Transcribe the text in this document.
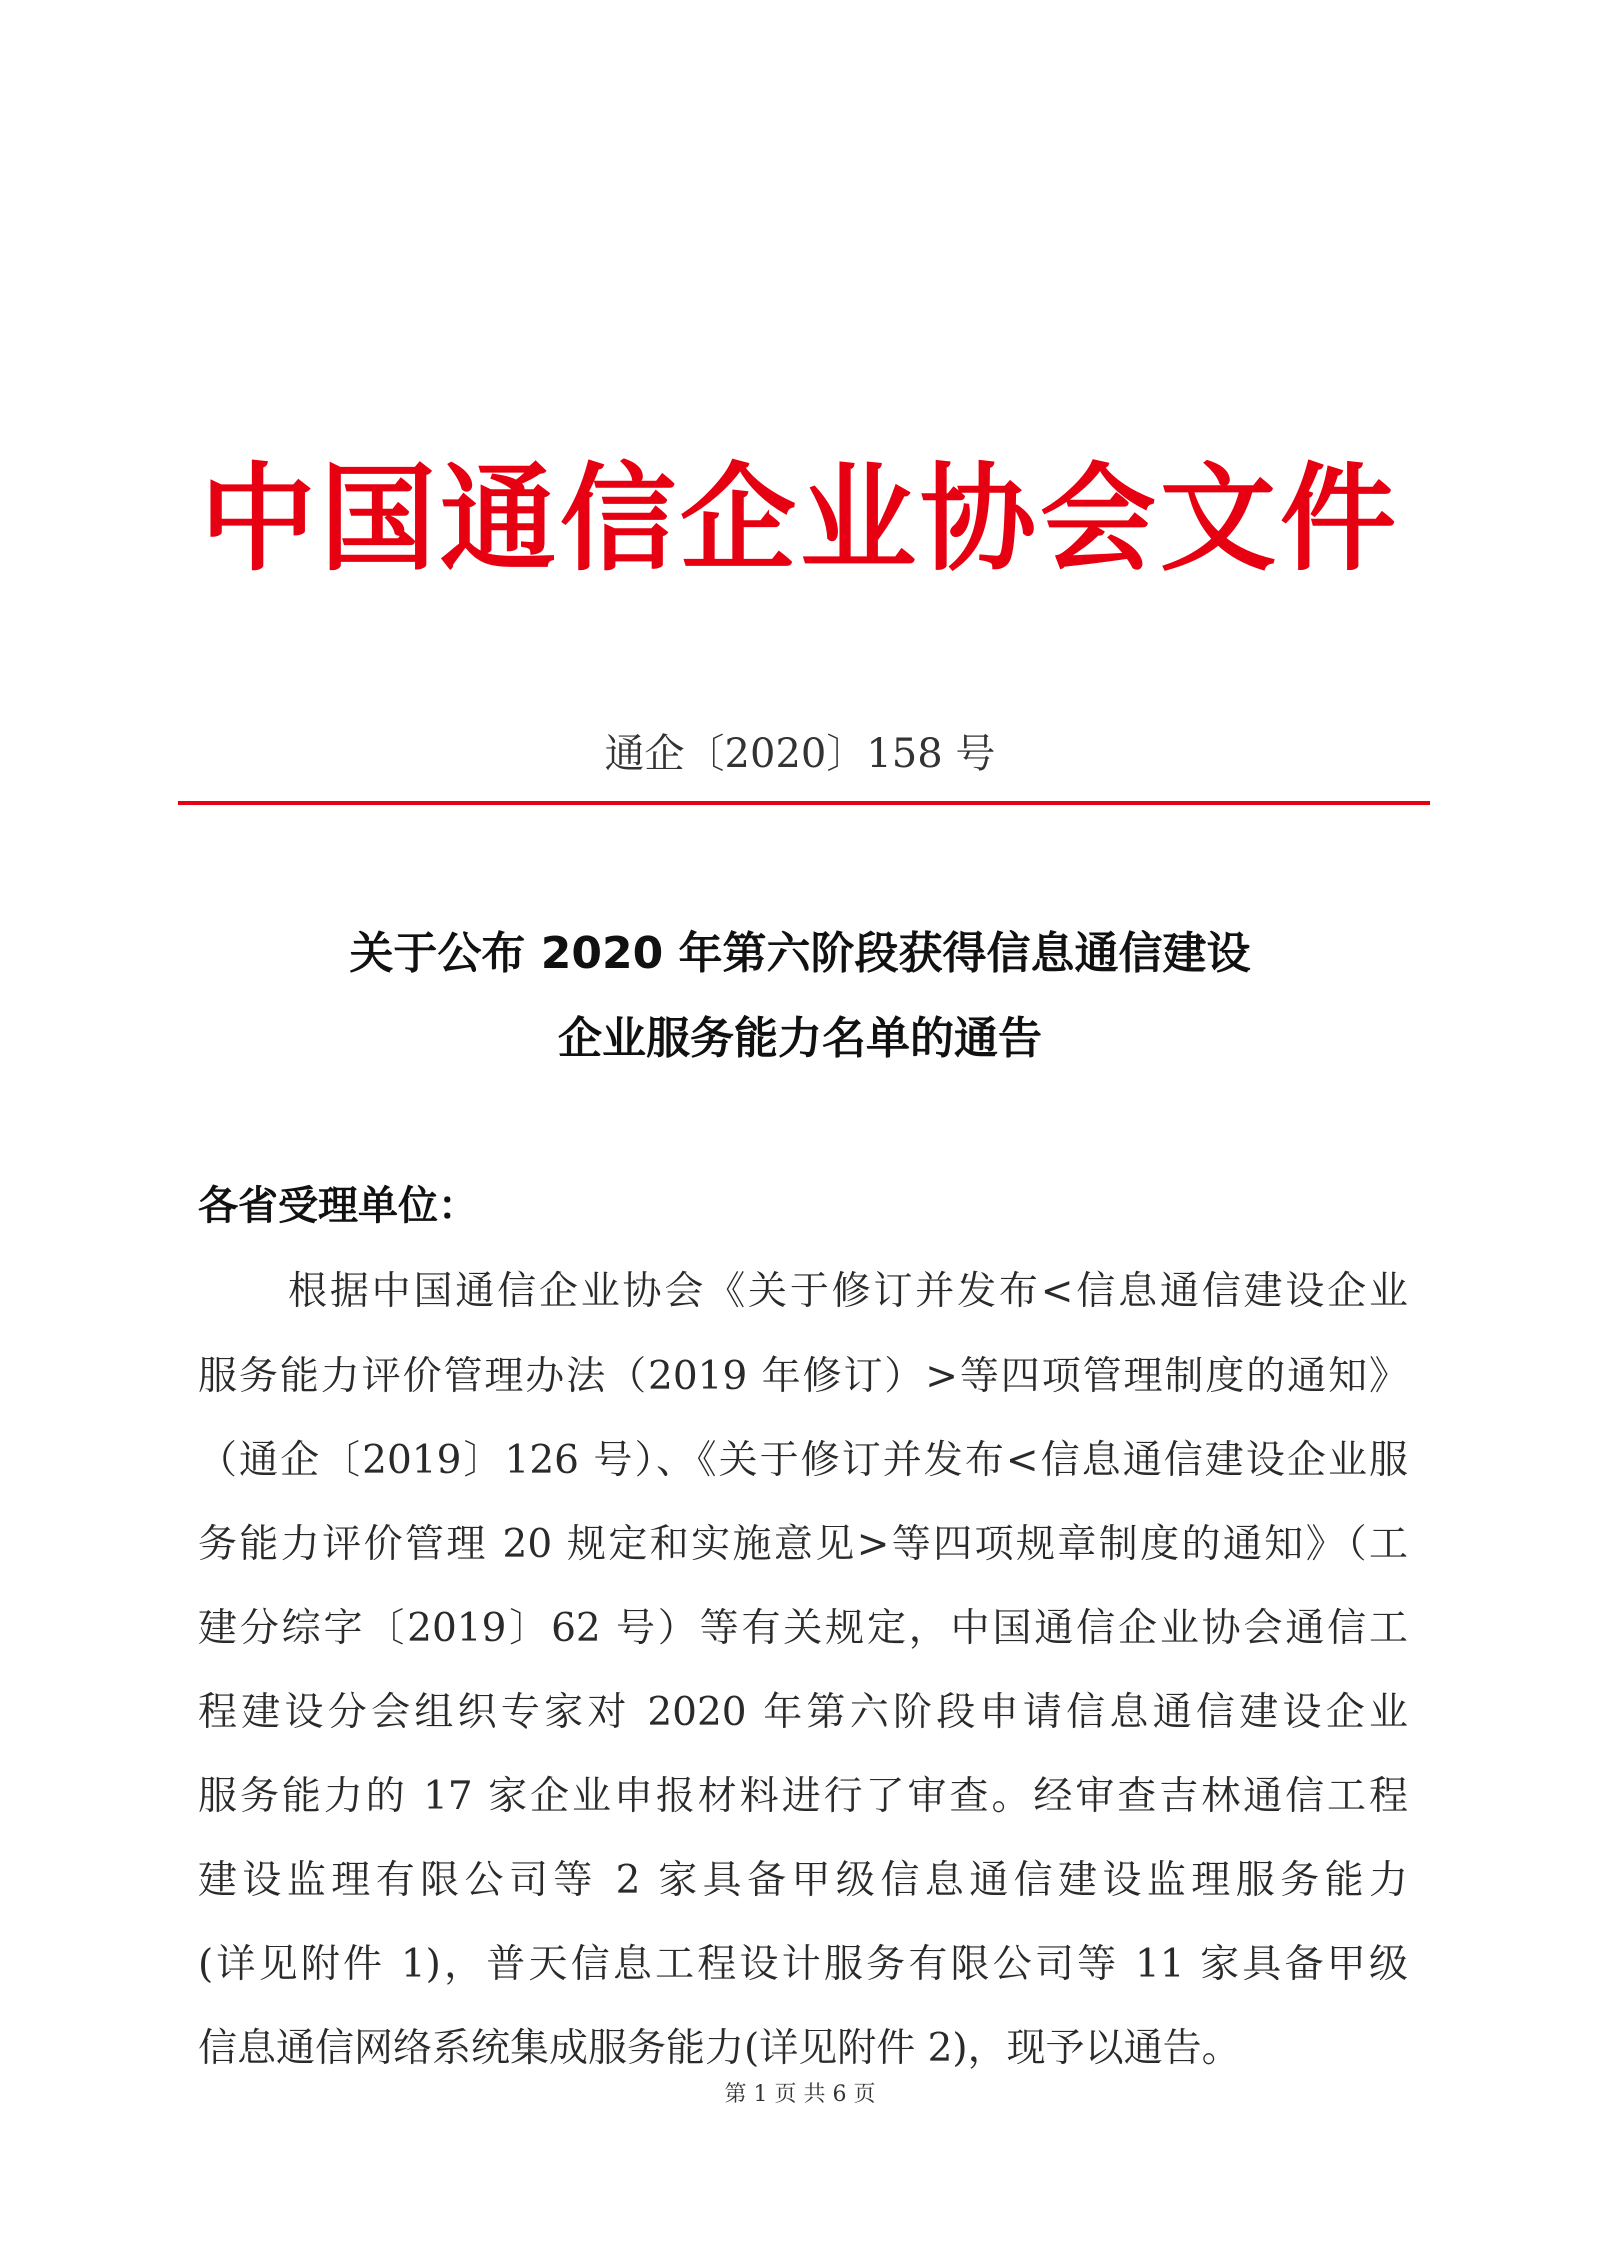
中国通信企业协会文件
通企〔2020〕158 号
关于公布 2020 年第六阶段获得信息通信建设
企业服务能力名单的通告
各省受理单位：
根据中国通信企业协会《关于修订并发布<信息通信建设企业
服务能力评价管理办法（2019 年修订）>等四项管理制度的通知》
（通企〔2019〕126 号）、《关于修订并发布<信息通信建设企业服
务能力评价管理 20 规定和实施意见>等四项规章制度的通知》（工
建分综字〔2019〕62 号）等有关规定，中国通信企业协会通信工
程建设分会组织专家对 2020 年第六阶段申请信息通信建设企业
服务能力的 17 家企业申报材料进行了审查。经审查吉林通信工程
建设监理有限公司等 2 家具备甲级信息通信建设监理服务能力
(详见附件 1)，普天信息工程设计服务有限公司等 11 家具备甲级
信息通信网络系统集成服务能力(详见附件 2)，现予以通告。
第 1 页 共 6 页
